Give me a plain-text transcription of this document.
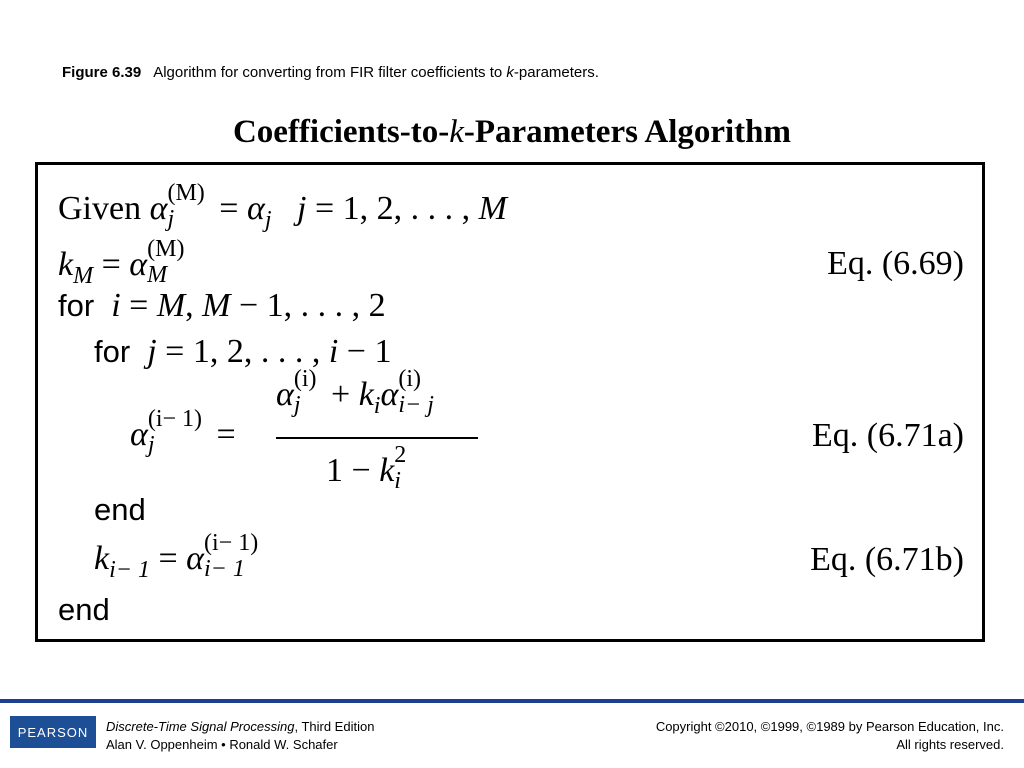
Figure 6.39 Algorithm for converting from FIR filter coefficients to k-parameters.
Coefficients-to-k-Parameters Algorithm
Given α (M)
j	= $\alpha_j$ j = 1, 2, . . . , M
$k_M = \alpha$ (M)
M	Eq. (6.69)
for i = M, M − 1, . . . , 2
for j = 1, 2, . . . , i − 1
α (i− 1)
j	=
α (i)
$j + k_i\alpha$ (i)
i− j
1 − k 2
i
Eq. (6.71a)
end
$k_{i- 1} = \alpha$ (i− 1)
i− 1	Eq. (6.71b)
end
PEARSON	Discrete-Time Signal Processing, Third Edition
Alan V. Oppenheim • Ronald W. Schafer
Copyright ©2010, ©1999, ©1989 by Pearson Education, Inc.
All rights reserved.
